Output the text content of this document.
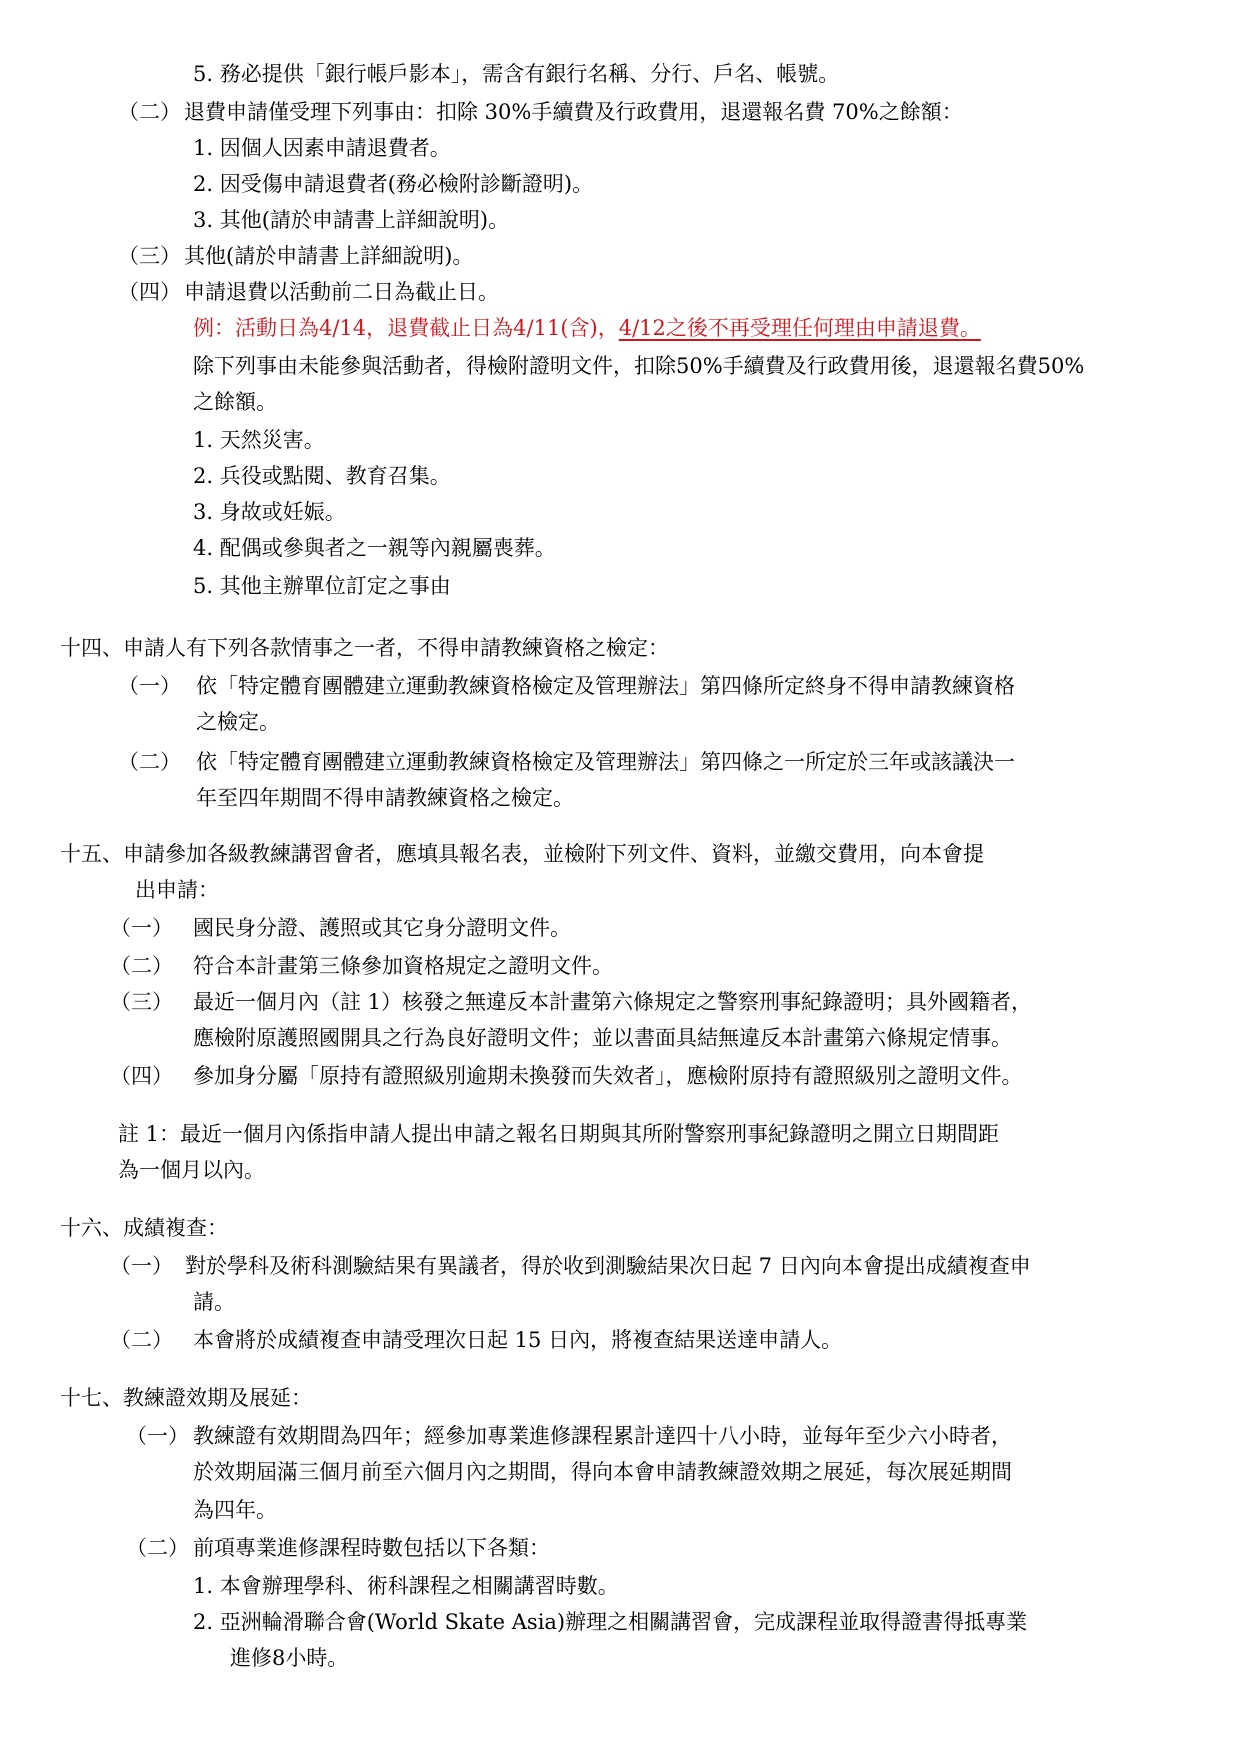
5. 務必提供「銀行帳戶影本」，需含有銀行名稱、分行、戶名、帳號。
（二） 退費申請僅受理下列事由：扣除 30%手續費及行政費用，退還報名費 70%之餘額：
1. 因個人因素申請退費者。
2. 因受傷申請退費者(務必檢附診斷證明)。
3. 其他(請於申請書上詳細說明)。
（三） 其他(請於申請書上詳細說明)。
（四） 申請退費以活動前二日為截止日。
例：活動日為4/14，退費截止日為4/11(含)，4/12之後不再受理任何理由申請退費。
除下列事由未能參與活動者，得檢附證明文件，扣除50%手續費及行政費用後，退還報名費50%
之餘額。
1. 天然災害。
2. 兵役或點閱、教育召集。
3. 身故或妊娠。
4. 配偶或參與者之一親等內親屬喪葬。
5. 其他主辦單位訂定之事由
十四、申請人有下列各款情事之一者，不得申請教練資格之檢定：
（一） 依「特定體育團體建立運動教練資格檢定及管理辦法」第四條所定終身不得申請教練資格
之檢定。
（二） 依「特定體育團體建立運動教練資格檢定及管理辦法」第四條之一所定於三年或該議決一
年至四年期間不得申請教練資格之檢定。
十五、申請參加各級教練講習會者，應填具報名表，並檢附下列文件、資料，並繳交費用，向本會提
出申請：
（一） 國民身分證、護照或其它身分證明文件。
（二） 符合本計畫第三條參加資格規定之證明文件。
（三） 最近一個月內（註 1）核發之無違反本計畫第六條規定之警察刑事紀錄證明；具外國籍者，
應檢附原護照國開具之行為良好證明文件；並以書面具結無違反本計畫第六條規定情事。
（四） 參加身分屬「原持有證照級別逾期未換發而失效者」，應檢附原持有證照級別之證明文件。
註 1：最近一個月內係指申請人提出申請之報名日期與其所附警察刑事紀錄證明之開立日期間距
為一個月以內。
十六、成績複查：
（一） 對於學科及術科測驗結果有異議者，得於收到測驗結果次日起 7 日內向本會提出成績複查申
請。
（二） 本會將於成績複查申請受理次日起 15 日內，將複查結果送達申請人。
十七、教練證效期及展延：
（一） 教練證有效期間為四年；經參加專業進修課程累計達四十八小時，並每年至少六小時者，
於效期屆滿三個月前至六個月內之期間，得向本會申請教練證效期之展延，每次展延期間
為四年。
（二） 前項專業進修課程時數包括以下各類：
1. 本會辦理學科、術科課程之相關講習時數。
2. 亞洲輪滑聯合會(World Skate Asia)辦理之相關講習會，完成課程並取得證書得抵專業
進修8小時。
